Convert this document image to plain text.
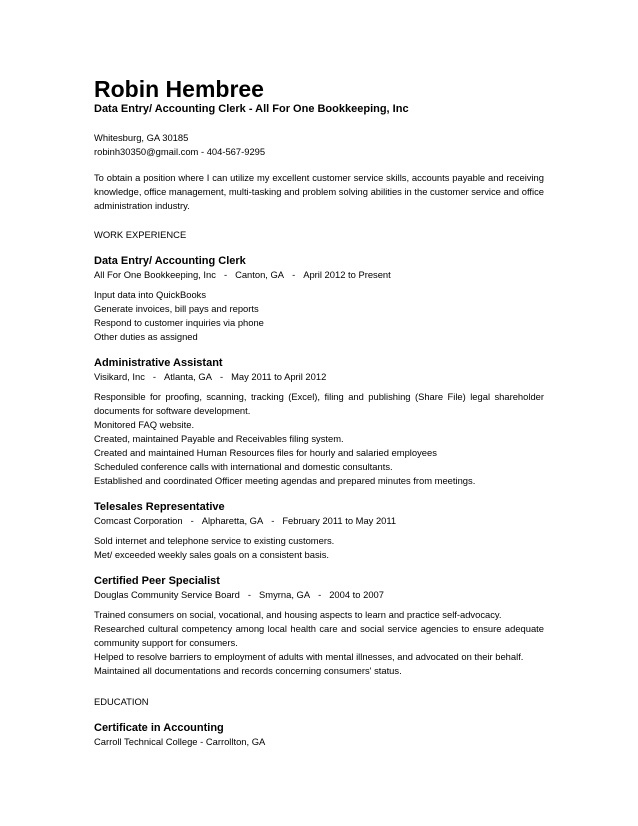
Robin Hembree
Data Entry/ Accounting Clerk - All For One Bookkeeping, Inc
Whitesburg, GA 30185
robinh30350@gmail.com - 404-567-9295
To obtain a position where I can utilize my excellent customer service skills, accounts payable and receiving knowledge, office management, multi-tasking and problem solving abilities in the customer service and office administration industry.
WORK EXPERIENCE
Data Entry/ Accounting Clerk
All For One Bookkeeping, Inc - Canton, GA - April 2012 to Present
Input data into QuickBooks
Generate invoices, bill pays and reports
Respond to customer inquiries via phone
Other duties as assigned
Administrative Assistant
Visikard, Inc - Atlanta, GA - May 2011 to April 2012
Responsible for proofing, scanning, tracking (Excel), filing and publishing (Share File) legal shareholder documents for software development.
Monitored FAQ website.
Created, maintained Payable and Receivables filing system.
Created and maintained Human Resources files for hourly and salaried employees
Scheduled conference calls with international and domestic consultants.
Established and coordinated Officer meeting agendas and prepared minutes from meetings.
Telesales Representative
Comcast Corporation - Alpharetta, GA - February 2011 to May 2011
Sold internet and telephone service to existing customers.
Met/ exceeded weekly sales goals on a consistent basis.
Certified Peer Specialist
Douglas Community Service Board - Smyrna, GA - 2004 to 2007
Trained consumers on social, vocational, and housing aspects to learn and practice self-advocacy.
Researched cultural competency among local health care and social service agencies to ensure adequate community support for consumers.
Helped to resolve barriers to employment of adults with mental illnesses, and advocated on their behalf.
Maintained all documentations and records concerning consumers' status.
EDUCATION
Certificate in Accounting
Carroll Technical College - Carrollton, GA
